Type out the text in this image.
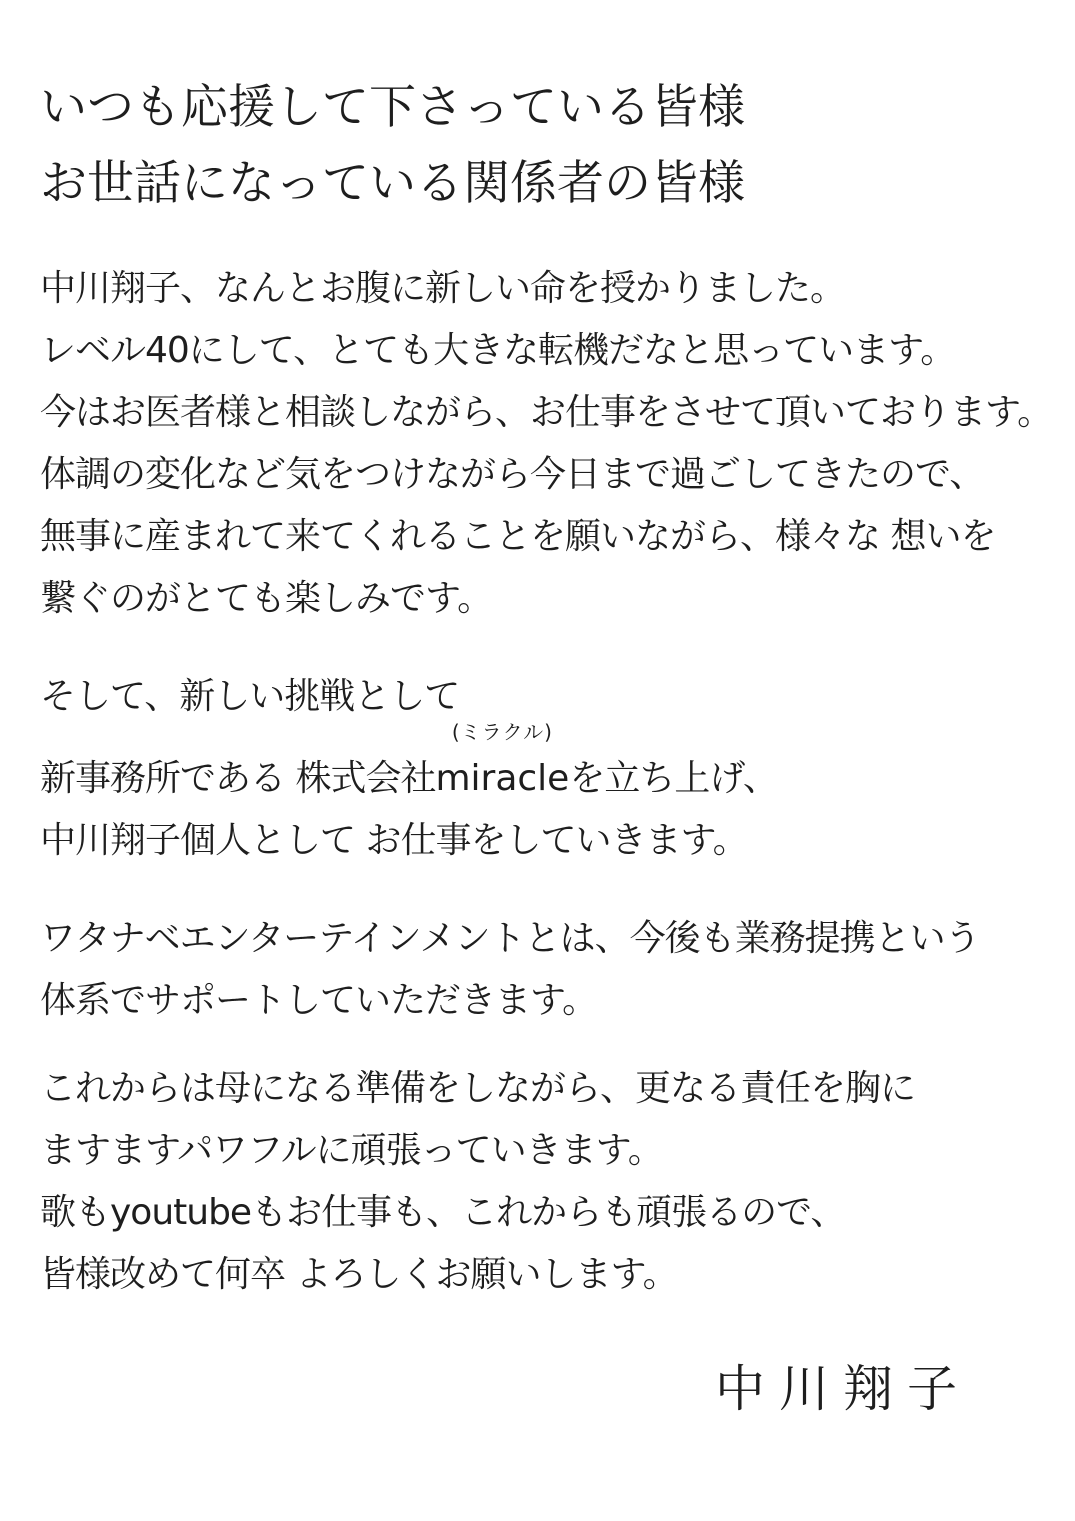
いつも応援して下さっている皆様

お世話になっている関係者の皆様

中川翔子、なんとお腹に新しい命を授かりました。

レベル40にして、とても大きな転機だなと思っています。

今はお医者様と相談しながら、お仕事をさせて頂いております。

体調の変化など気をつけながら今日まで過ごしてきたので、

無事に産まれて来てくれることを願いながら、様々な 想いを

繋ぐのがとても楽しみです。

そして、新しい挑戦として

新事務所である 株式会社
(ミラクル)
miracleを立ち上げ、

中川翔子個人として お仕事をしていきます。

ワタナベエンターテインメントとは、今後も業務提携という

体系でサポートしていただきます。

これからは母になる準備をしながら、更なる責任を胸に

ますますパワフルに頑張っていきます。

歌もyoutubeもお仕事も、これからも頑張るので、

皆様改めて何卒 よろしくお願いします。

中川翔子
